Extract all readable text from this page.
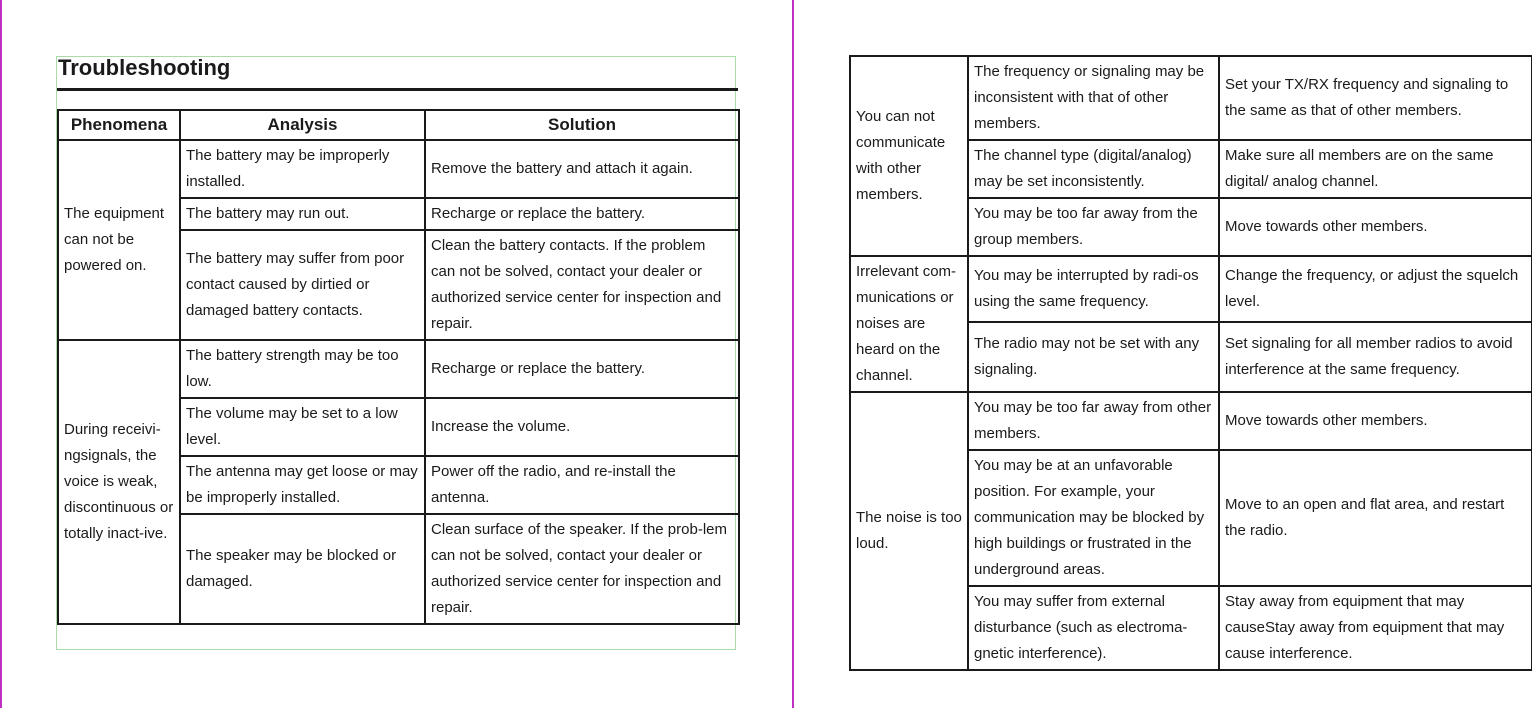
Troubleshooting
Phenomena	Analysis	Solution
The equipment can not be powered on.	The battery may be improperly installed.	Remove the battery and attach it again.
	The battery may run out.	Recharge or replace the battery.
	The battery may suffer from poor contact caused by dirtied or damaged battery contacts.	Clean the battery contacts. If the problem can not be solved, contact your dealer or authorized service center for inspection and repair.
During receivi-ngsignals, the voice is weak, discontinuous or totally inact-ive.	The battery strength may be too low.	Recharge or replace the battery.
	The volume may be set to a low level.	Increase the volume.
	The antenna may get loose or may be improperly installed.	Power off the radio, and re-install the antenna.
	The speaker may be blocked or damaged.	Clean surface of the speaker. If the prob-lem can not be solved, contact your dealer or authorized service center for inspection and repair.
You can not communicate with other members.	The frequency or signaling may be inconsistent with that of other members.	Set your TX/RX frequency and signaling to the same as that of other members.
	The channel type (digital/analog) may be set inconsistently.	Make sure all members are on the same digital/ analog channel.
	You may be too far away from the group members.	Move towards other members.
Irrelevant com-munications or noises are heard on the channel.	You may be interrupted by radi-os using the same frequency.	Change the frequency, or adjust the squelch level.
	The radio may not be set with any signaling.	Set signaling for all member radios to avoid interference at the same frequency.
The noise is too loud.	You may be too far away from other members.	Move towards other members.
	You may be at an unfavorable position. For example, your communication may be blocked by high buildings or frustrated in the underground areas.	Move to an open and flat area, and restart the radio.
	You may suffer from external disturbance (such as electroma-gnetic interference).	Stay away from equipment that may causeStay away from equipment that may cause interference.
